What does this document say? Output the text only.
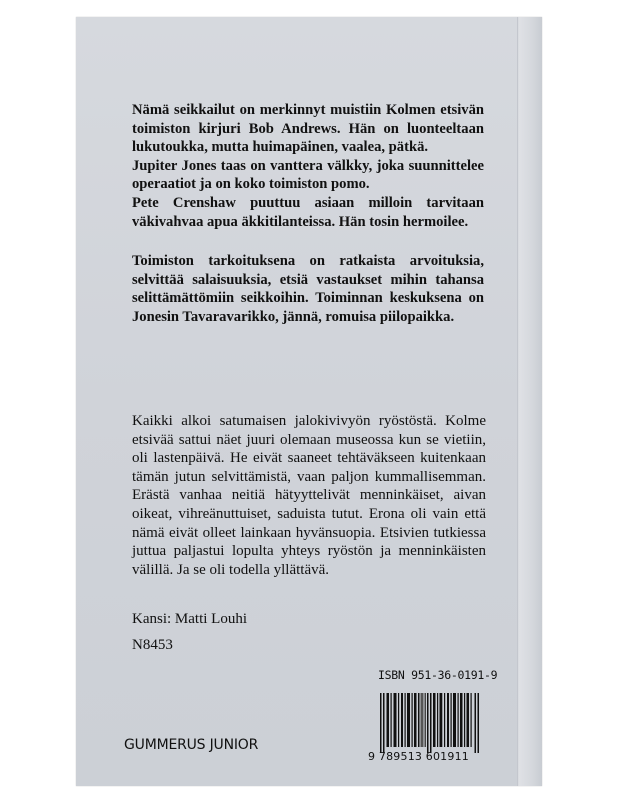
Nämä seikkailut on merkinnyt muistiin Kolmen etsivän toimiston kirjuri Bob Andrews. Hän on luonteeltaan lukutoukka, mutta huimapäinen, vaalea, pätkä.

Jupiter Jones taas on vanttera välkky, joka suunnittelee operaatiot ja on koko toimiston pomo.

Pete Crenshaw puuttuu asiaan milloin tarvitaan väkivahvaa apua äkkitilanteissa. Hän tosin hermoilee.

Toimiston tarkoituksena on ratkaista arvoituksia, selvittää salaisuuksia, etsiä vastaukset mihin tahansa selittämättömiin seikkoihin. Toiminnan keskuksena on Jonesin Tavaravarikko, jännä, romuisa piilopaikka.

Kaikki alkoi satumaisen jalokivivyön ryöstöstä. Kolme etsivää sattui näet juuri olemaan museossa kun se vietiin, oli lastenpäivä. He eivät saaneet tehtäväkseen kuitenkaan tämän jutun selvittämistä, vaan paljon kummallisemman. Erästä vanhaa neitiä hätyyttelivät menninkäiset, aivan oikeat, vihreänuttuiset, saduista tutut. Erona oli vain että nämä eivät olleet lainkaan hyvänsuopia. Etsivien tutkiessa juttua paljastui lopulta yhteys ryöstön ja menninkäisten välillä. Ja se oli todella yllättävä.

Kansi: Matti Louhi
N8453
ISBN 951-36-0191-9
9 789513 601911
GUMMERUS JUNIOR
